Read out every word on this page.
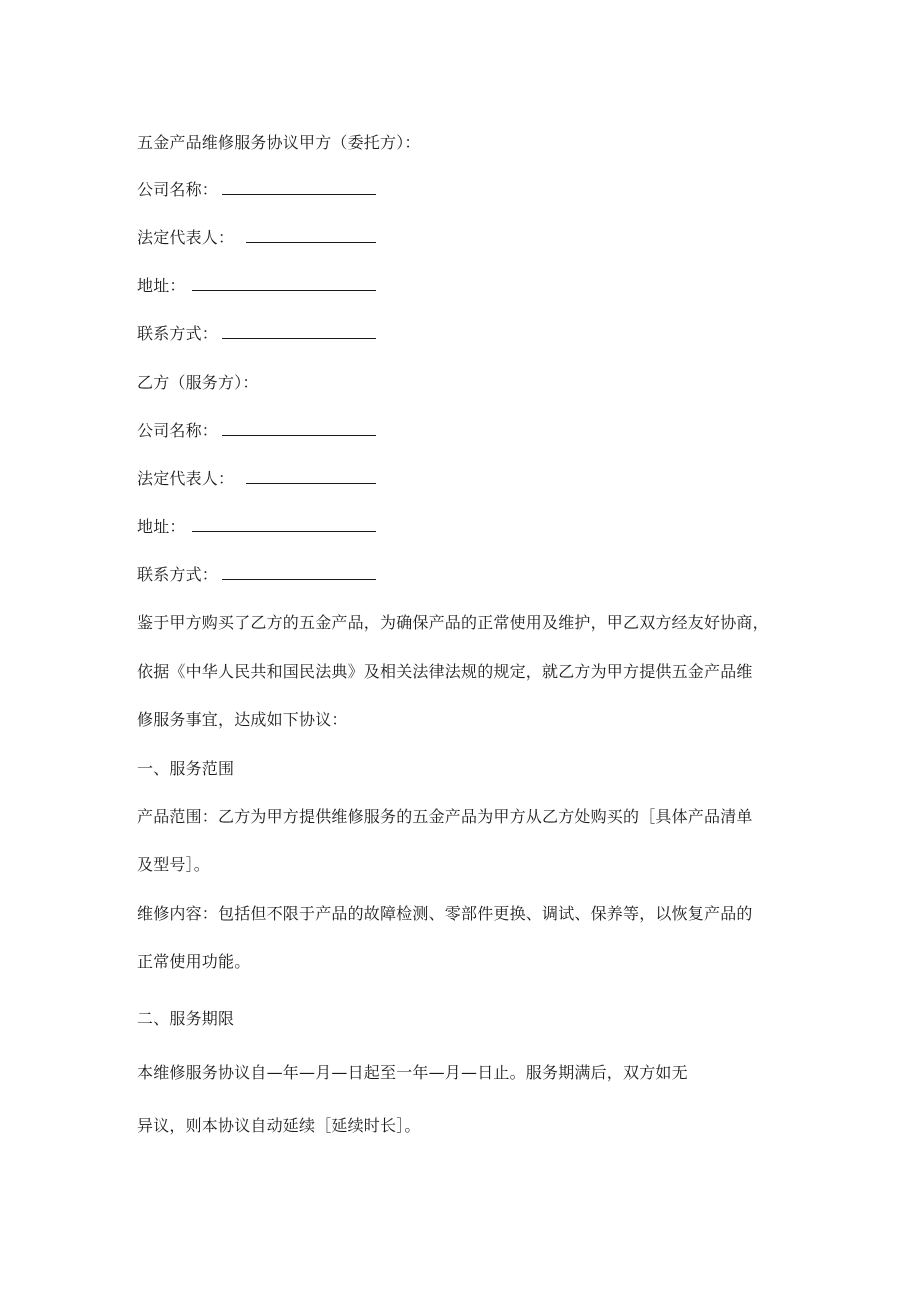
五金产品维修服务协议甲方（委托方）：
公司名称：
法定代表人：
地址：
联系方式：
乙方（服务方）：
公司名称：
法定代表人：
地址：
联系方式：
鉴于甲方购买了乙方的五金产品，为确保产品的正常使用及维护，甲乙双方经友好协商，
依据《中华人民共和国民法典》及相关法律法规的规定，就乙方为甲方提供五金产品维
修服务事宜，达成如下协议：
一、服务范围
产品范围：乙方为甲方提供维修服务的五金产品为甲方从乙方处购买的［具体产品清单
及型号］。
维修内容：包括但不限于产品的故障检测、零部件更换、调试、保养等，以恢复产品的
正常使用功能。
二、服务期限
本维修服务协议自—年—月—日起至一年—月—日止。服务期满后，双方如无
异议，则本协议自动延续［延续时长］。
